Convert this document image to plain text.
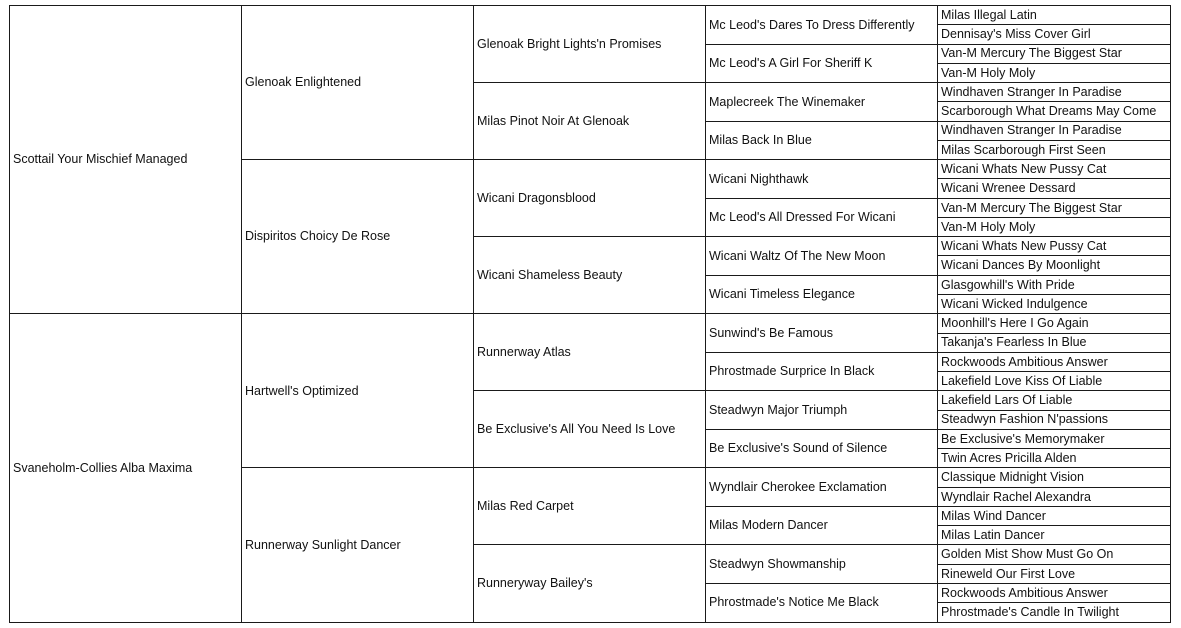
Scottail Your Mischief Managed	Glenoak Enlightened	Glenoak Bright Lights'n Promises	Mc Leod's Dares To Dress Differently	Milas Illegal Latin
				Dennisay's Miss Cover Girl
			Mc Leod's A Girl For Sheriff K	Van-M Mercury The Biggest Star
				Van-M Holy Moly
		Milas Pinot Noir At Glenoak	Maplecreek The Winemaker	Windhaven Stranger In Paradise
				Scarborough What Dreams May Come
			Milas Back In Blue	Windhaven Stranger In Paradise
				Milas Scarborough First Seen
	Dispiritos Choicy De Rose	Wicani Dragonsblood	Wicani Nighthawk	Wicani Whats New Pussy Cat
				Wicani Wrenee Dessard
			Mc Leod's All Dressed For Wicani	Van-M Mercury The Biggest Star
				Van-M Holy Moly
		Wicani Shameless Beauty	Wicani Waltz Of The New Moon	Wicani Whats New Pussy Cat
				Wicani Dances By Moonlight
			Wicani Timeless Elegance	Glasgowhill's With Pride
				Wicani Wicked Indulgence
Svaneholm-Collies Alba Maxima	Hartwell's Optimized	Runnerway Atlas	Sunwind's Be Famous	Moonhill's Here I Go Again
				Takanja's Fearless In Blue
			Phrostmade Surprice In Black	Rockwoods Ambitious Answer
				Lakefield Love Kiss Of Liable
		Be Exclusive's All You Need Is Love	Steadwyn Major Triumph	Lakefield Lars Of Liable
				Steadwyn Fashion N'passions
			Be Exclusive's Sound of Silence	Be Exclusive's Memorymaker
				Twin Acres Pricilla Alden
	Runnerway Sunlight Dancer	Milas Red Carpet	Wyndlair Cherokee Exclamation	Classique Midnight Vision
				Wyndlair Rachel Alexandra
			Milas Modern Dancer	Milas Wind Dancer
				Milas Latin Dancer
		Runneryway Bailey's	Steadwyn Showmanship	Golden Mist Show Must Go On
				Rineweld Our First Love
			Phrostmade's Notice Me Black	Rockwoods Ambitious Answer
				Phrostmade's Candle In Twilight
